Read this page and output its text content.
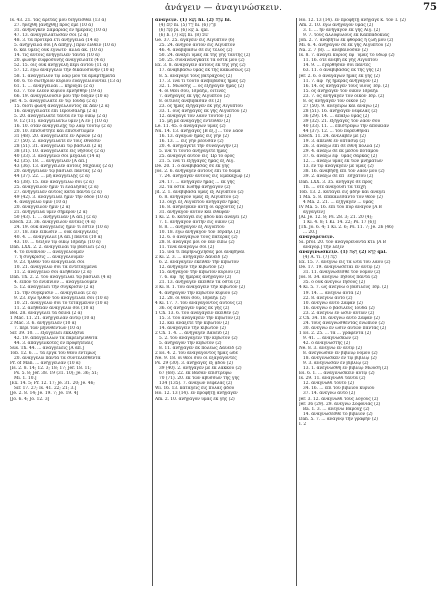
ἀνάγειν — ἀναγινώσκειν.	75
Is. 43. 21. τὰς ἀρετάς μου διηγεῖσθαι (13 α)
27. ἠνέχθη [ἀνήχθη] πρὸς ἐμὲ (10 α)
31. ἀνήνεγκεν Σαμαρίας ἐν ἡμέραις (10 α)
47. 13. ἀναγγειλάτωσαν σοι (2 α)
48. 3. τὰ πρότερα ἔτι ἀνήγγειλα (14 α)
5. ἀνήγγειλά σοι [A ἀπήγγ.] πρὶν ἐλθεῖν (10 α)
6. καὶ ὑμεῖς οὐκ ἔγνωτε· ἀλλὰ ἀκ. (10 α)
14. τίς αὐτοῖς ἀνήγγειλεν ταῦτα (10 α)
20. φωνὴν εὐφροσύνης ἀναγγείλατε (4 α)
52. 15. οἷς οὐκ ἀνηγγέλη περὶ αὐτοῦ (11 α)
57. 12. ἐγὼ ἀναγγελῶ τὴν δικαιοσύνην (10 α)
58. 1. ἀνάγγειλον τῷ λαῷ μου τὰ ἁμαρτήματα
60. 6. τὸ σωτήριον κυρίου εὐαγγελιοῦνται (13 α)
61. 1. ... ἀναγγεῖλαι ... κηρύξαι (2 α)
63. 7. τὸν ἔλεον κυρίου ἐμνήσθην (19 α)
66. 19. ἀναγγελοῦσίν μου τὴν δόξαν (10 α)
Jer. 4. 5. ἀναγγείλατε ἐν τῷ Ἰούδᾳ (2 α)
15. διότι φωνὴ ἀναγγέλλοντος ἐκ Δὰν (2 α)
16. ἀναγγείλατε ἐπὶ Ἱερουσαλὴμ (2 α)
5. 20. ἀναγγείλατε ταῦτα ἐν τῷ οἴκῳ (2 α)
9. 12 (11). ἀναγγειλάτω ὑμῖν [A ἐν ] (10 α)
16. 10. ὅταν ἀναγγείλῃς τῷ λαῷ τούτῳ (2 α)
20. 10. ἐπισύστητε καὶ ἐπισυστῶμεν
31 (48). 20. ἀναγγείλατε ἐν Ἀρνῶν (2 α)
27 (50). 2. ἀναγγείλατε ἐν τοῖς ἔθνεσιν
28 (51). 31. ἀναγγεῖλαι τῷ βασιλεῖ (2 α)
38 (31). 10. ἀναγγείλατε εἰς νήσους (2 α)
40 (33). 3. ἀναγγελῶ σοι μεγάλα (14 α)
42 (35). 18. ... ἀνήγγειλεν [A ἀπ.]
43 (36). 13. ἀνήγγειλεν αὐτοῖς Μιχαίας (2 α)
20. ἀνήγγειλαν τῷ βασιλεῖ πάντας (2 α)
44 (37). 22. ... μὴ ἀναγγείλῃς (2 α)
45 (38). 15. ἐὰν ἀναγγείλω σοι (2 α)
25. ἀνάγγειλον ἡμῖν τί ἐλάλησας (2 α)
27. ἀνήγγειλεν αὐτοῖς κατὰ πάντα (2 α)
49 (42). 3. ἀναγγείλαι ἡμῖν τὴν ὁδὸν (10 α)
4. ἀναγγελῶ ὑμῖν (10 α)
20. ἀνάγγειλον ἡμῖν (2 α)
21. ἀνήγγειλα ὑμῖν σήμερον (2 α)
50 (43). 1. ... ἀνήγγειλαν [A ἀπ.] (2 α)
Ezech. 23. 36. ἀνάγγειλον αὐταῖς (4 α)
24. 19. οὐκ ἀναγγελεῖς ἡμῖν τί ἐστιν (10 α)
37. 18. ἐὰν εἴπωσιν ... οὐκ ἀναγγελεῖς
40. 4. ... ἀνάγγελλε [A ἀπ.] πάντα (10 α)
43. 10. ... δεῖξον τῷ οἴκῳ Ἰσραὴλ (10 α)
Dan. LXX. 2. 2. ἀναγγεῖλαι τῷ βασιλεῖ (2 α)
4. τὸ ἐνύπνιον ... ἀναγγελοῦμεν
7. ἡ σύγκρισις ... ἀναγγελοῦμεν
9. 23. ἦλθον τοῦ ἀναγγεῖλαί σοι
10. 21. ἀναγγελῶ σοι τὰ ἐντεταγμένα
11. 2. ἀναγγελῶ σοι ἀλήθειαν (2 α)
Dan. Th. 2. 2. τοῦ ἀναγγεῖλαι τῷ βασιλεῖ (4 α)
4. εἰπὸν τὸ ἐνύπνιον ... ἀναγγελοῦμεν
5. 12. ἀναγγελεῖ τὴν σύγκρισιν (2 α)
15. τὴν σύγκρισιν ... ἀναγγεῖλαι (2 α)
9. 23. ἐγὼ ἦλθον τοῦ ἀναγγεῖλαί σοι (10 α)
10. 21. ἀναγγελῶ σοι τὸ τεταγμένον (10 α)
11. 2. ἀλήθειαν ἀναγγελῶ σοι (10 α)
Bel. 28. ἀναγγελεῖ τὰ δεινὰ (2 α)
1 Mac. 11. 21. ἀνήγγειλαν αὐτῷ (10 α)
2 Mac. 3. 6. ἀνήγγειλεν (10 α)
7. περὶ τῶν μηνυθέντων (10 α)
Sir. 39. 10. ... ἐξαγγελεῖ ἐκκλησία
42. 19. ἀπαγγέλλων τὰ παρεληλυθότα
44. 3. ἀπαγγελκότες ἐν προφητείαις
Sus. Th. 44. ... ἀναγγελεῖς [A ἀπ.]
Tob. 12. 6. ... τὰ ἔργα τοῦ θεοῦ ἐντίμως
20. ἀναγγελῶ πάντα τὰ συντελεσθέντα
Pr. of Man. ... ἀνήγγειλαν (10 α)
[Is. 2. 8. 14; 12. 3; 18; 17; Jer. 18. 11;
Ps. 5. 8; Jer. 38. 19 (31. 10); Je. 36; 51;
Mi. 1. 10.]
[Ex. 14. 5; Pr. 12. 17; Je. 31. 20; Je. 46;
Sir. 17. 27; Is. 41. 22; 21; 3.]
[Je. 2. 8. 14; Je. 19. 7; Je. 19. 4]
[Jo. 6. 4; Jo. 12. 3]
ἀνάγειν. (1) נָשָׂא hi. (2) עָלָה hi.
(4) קוּם ni. (5) יָרַד hi. (6) פֶּרֶץ
(6) פָּנָה pi. (6) יָצָא a. qal.
(6) b. (7) נָשָׂא hi. (8) שׁוּב
Ge. 37. 25. ἀγαγεῖν εἰς Αἴγυπτον (6)
25. 24. ἀνῆγον αὐτὸν εἰς Αἴγυπτον
46. 4. ἀναβιβάσω σε εἰς τέλος (2)
50. 24. ἀνάξει ὑμᾶς ἐκ τῆς γῆς ταύτης (2)
50. 25. συνανενέγκατε τὰ ὀστᾶ μου (2)
Ex. 3. 8. ἀναγαγεῖν αὐτοὺς ἐκ τῆς γῆς (2)
17. ἀναβιβάσω ὑμᾶς ἐκ τῆς κακώσεως (2)
8. 5. ἀνάγαγε τοὺς βατράχους (2)
17. 3. ἵνα τί τοῦτο ἀνεβίβασας ἡμᾶς (2)
32. 1. Μωυσῆς ... ὃς ἐξήγαγεν ἡμᾶς (2)
4. οἱ θεοί σου, Ἰσραήλ, οἵτινες
7. ἀνήγαγες ἐκ γῆς Αἰγύπτου (2)
8. οἵτινες ἀνεβίβασάν σε (2)
23. ὃς ἡμᾶς ἐξήγαγεν ἐκ γῆς Αἰγύπτου
33. 1. οὓς ἀνήγαγες ἐκ γῆς Αἰγύπτου (2)
12. ἀνάγαγε τὸν λαὸν τοῦτον (2)
15. μή με ἀναγάγῃς ἐντεῦθεν (2)
Le. 11. 45. ὁ ἀναγαγὼν ὑμᾶς (2)
Nu. 14. 13. ἀνήγαγες [B ἐξ.] ... τὸν λαὸν
16. 13. ἀγαγὼν ἡμᾶς εἰς γῆν (2)
16. 13. ... εἰς γῆν ῥέουσαν (2)
20. 4. ἀνηγάγετε τὴν συναγωγὴν (2)
5. ἵνα τί τοῦτο ἀνηγάγετε ἡμᾶς
25. ἀνάγαγε αὐτὸν εἰς Ὢρ τὸ ὄρος
21. 5. ἵνα τί ἐξήγαγες ἡμᾶς ἐξ Αἰγ.
De. 20. 1. ὁ ἀναβιβάσας σε ἐκ γῆς
Jos. 2. 6. ἀνήγαγεν αὐτοὺς ἐπὶ τὸ δῶμα
7. 24. ἀνήγαγεν αὐτοὺς εἰς Ἐμεκαχώρ (2)
24. 17. ... ἀνήγαγεν ἡμᾶς ... ἐκ γῆς
32. τὰ ὀστᾶ Ἰωσὴφ ἀνήγαγον (2)
Jd. 2. 1. ἀνεβίβασα ὑμᾶς ἐξ Αἰγύπτου (2)
6. 8. ἀνήγαγον ὑμᾶς ἐξ Αἰγύπτου (2)
13. οὐχὶ ἐξ Αἰγύπτου ἀνήγαγεν ἡμᾶς
16. 8. ἀνήνεγκαν αὐτῇ οἱ ἄρχοντες (2)
31. ἀνήγαγον αὐτὸν καὶ ἔθαψαν
1 Ki. 2. 6. κατάγει εἰς ᾅδου καὶ ἀνάγει (2)
7. 1. ἀνήγαγον αὐτὴν εἰς οἶκον (2)
8. 8. ... ἀνήγαγον ἐξ Αἰγύπτου
10. 18. ἐγὼ ἀνήγαγον τὸν Ἰσραὴλ (2)
12. 6. ὁ ἀναγαγὼν τοὺς πατέρας (2)
28. 8. ἀνάγαγέ μοι ὃν ἐὰν εἴπω (2)
11. τίνα ἀναγάγω σοι (2)
15. ἵνα τί παρηνώχλησάς μοι ἀναβῆναι
2 Ki. 2. 3. ... ἀνήγαγεν Δαυεὶδ (2)
6. 2. ἀναγαγεῖν ἐκεῖθεν τὴν κιβωτὸν
12. ἀνήγαγεν τὴν κιβωτὸν (2)
15. ἀνήγαγον τὴν κιβωτὸν κυρίου (2)
7. 6. ἀφ᾽ ἧς ἡμέρας ἀνήγαγον (2)
21. 13. ἀνήγαγεν ἐκεῖθεν τὰ ὀστᾶ (2)
3 Ki. 8. 1. τοῦ ἀναγαγεῖν τὴν κιβωτὸν (2)
4. ἀνήγαγον τὴν κιβωτὸν κυρίου (2)
12. 28. οἱ θεοί σου, Ἰσραὴλ (2)
4 Ki. 17. 7. τοῦ ἀναγαγόντος αὐτοὺς (2)
36. ὃς ἀνήγαγεν ὑμᾶς ἐκ γῆς (2)
1 Ch. 13. 6. τοῦ ἀναγαγεῖν ἐκεῖθεν (2)
15. 3. τοῦ ἀναγαγεῖν τὴν κιβωτὸν (2)
12. καὶ ἀνάξετε τὴν κιβωτὸν (2)
14. ἀναγαγεῖν τὴν κιβωτὸν (2)
2 Ch. 1. 4. ... ἀνήγαγεν Δαυεὶδ (2)
5. 2. τοῦ ἀναγαγεῖν τὴν κιβωτὸν (2)
5. ἀνήγαγον τὴν κιβωτὸν (2)
8. 11. ἀνήγαγεν ἐκ πόλεως Δαυεὶδ (2)
2 Es. 4. 2. τοῦ ἀναγαγόντος ἡμᾶς ὧδε
Ne. 9. 18. οἱ θεοί σου οἱ ἐξαγαγόντες
Ps. 29 (30). 3. ἀνήγαγες ἐξ ᾅδου (2)
39 (40). 2. ἀνήγαγέν με ἐκ λάκκου (2)
67 (68). 22. ἐκ Βασὰν ἐπιστρέψω
70 (71). 20. ἐκ τῶν ἀβύσσων τῆς γῆς
134 (135). 7. ἀνάγων νεφέλας (2)
Wi. 16. 13. κατάγεις εἰς πύλας ᾅδου
Ho. 12. 13 (14). ἐν προφήτῃ ἀνήγαγεν
Am. 2. 10. ἀνήγαγον ὑμᾶς ἐκ γῆς (2)
Ho. 12. 13 (14). ἐν προφήτῃ ἀνήγαγε κ. τὸν Ἰ. (2)
Am. 2. 10. ἐγὼ ἀνήγαγον ὑμᾶς (2)
3. 1. ... ἣν ἀνήγαγον ἐκ γῆς Αἰγ. (2)
9. 7. τοὺς ἀλλοφύλους ἐκ Καππαδοκίας
Jon. 2. 7. ἀναβήτω ἐκ φθορᾶς ἡ ζωή μου (2)
Mi. 6. 4. ἀνήγαγόν σε ἐκ γῆς Αἰγύπτου (2)
Na. 2. 7 (8). ... ἀνεβαίνοσαν (2)
Is. 8. 7. ἀνάγει κύριος ἐφ᾽ ὑμᾶς τὸ ὕδωρ (2)
11. 16. ὅτε ἀνέβη ἐκ γῆς Αἰγύπτου
14. 9. ... ἐγερθῆσαν σοι πάντες
63. 11. ὁ ἀναβιβάσας ἐκ τῆς γῆς (2)
Jer. 2. 6. ὁ ἀναγαγὼν ἡμᾶς ἐκ γῆς (2)
11. 7. ἀφ᾽ ἧς ἡμέρας ἀνήγαγον (2)
16. 14. ὃς ἀνήγαγεν τοὺς υἱοὺς Ἰσρ. (2)
15. ὃς ἀνήγαγεν τὸν οἶκον Ἰσραὴλ
23. 7. ὃς ἀνήγαγεν τὸν οἶκον Ἰσρ. (2)
8. ὃς ἀνήγαγεν τὸν οἶκον (2)
27 (50). 9. ἀνεγείρω καὶ ἀνάγω (2)
28 (51). 16. ἀνήγαγεν νεφέλας (2)
36 (29). 14. ... ἀπάξω ὑμᾶς (2)
39 (32). 21. ἐξήγαγες τὸν λαόν σου
40 (33). 11. ... ἐπιστρέψω τὴν ἀποικίαν
44 (37). 12. ... τοῦ πορευθῆναι
Ezech. 11. 24. ἀνέλαβέν με (2)
19. 3. ἀπέλθε ἐν ὀπτασίᾳ (2)
26. 3. ἀνάξω ἐπὶ σὲ ἔθνη πολλὰ (2)
29. 4. ἀνάξω σε ἐκ μέσου ποταμοῦ
37. 6. ἀνάξω ἐφ᾽ ὑμᾶς σάρκας (2)
12. ... ἀνάξω ὑμᾶς ἐκ τῶν μνημάτων
13. ἐν τῷ ἀναγαγεῖν με ὑμᾶς (2)
38. 16. ἀναβήσῃ ἐπὶ τὸν λαόν μου (2)
39. 2. ἀνάξω σε ἐπ᾽ ἐσχάτου (2)
Dan. LXX. 3. 35. ἀνήγαγέ σε πρὸς
Th. ... ὅτε ἀνάγουσι τὰ τείχη
Tob. 13. 2. κατάγει εἰς ᾅδην καὶ ἀνάγει
1 Ma. 5. 8. ἐπεκαλέσαντο τὸν θεὸν (2)
4 Ma. 2. 21. ... ἐξήγαγεν ... ὑμᾶς
IV Ma. 5. 16. ἐπὶ τοῦ πῦρ ἀναγον [A B
ἀγγαγεῖν]
[Al. Je. 12. 8; Ps. 28. 3; 21. 20 (4);
1 Ki. 4. 8; 1 Ki. 14. 22; Ps. 17 (6)]
[Th. Jo. 6. 4; 1 Ki. 2. 6; Ps. 11. 7; Je. 26 (46)
... 20.]
ἀναγορεύειν.
Si. prol. 20. τὸν ἀναγορεύοντα κτλ [A B
ἀναγορ.] τὴν λέξιν
ἀναγινώσκειν. (1) קָרָא (2) רָאָה qal.
(4) A. τί. (7) הָגָה
Ex. 15. 7. ἀνέγνω εἰς τὰ ὦτα τοῦ λαοῦ (2)
De. 17. 19. ἀναγνώσεται ἐν αὐτῷ (2)
31. 11. ἀναγνώσεσθε τὸν νόμον (2)
Jos. 8. 34. ἀνέγνω Ἰησοῦς πάντα (2)
35. ὃ οὐκ ἀνέγνω Ἰησοῦς (2)
4 Ki. 5. 7. ὡς ἀνέγνω ὁ βασιλεὺς Ἰσρ. (2)
19. 14. ... ἀνέγνω αὐτά (2)
22. 8. ἀνέγνω αὐτό (2)
10. ἀνέγνω αὐτὸ Σαφὰν (2)
16. ἀνέγνω ὁ βασιλεὺς Ἰούδα (2)
23. 2. ἀνέγνω ἐν ὠσὶν αὐτῶν (2)
2 Ch. 34. 18. ἀνέγνω αὐτὸ Σαφὰν (2)
24. τοὺς ἀναγνωσθέντας ἐνώπιον (2)
30. ἀνέγνω ἐν ὠσὶν αὐτῶν πάντας (2)
1 Es. 2. 25. ... τὰ ... γραφέντα (2)
9. 41. ... ἀναγνώσκων (2)
42. ὁ ἀναγνώστης (2)
Ne. 8. 3. ἀνέγνω ἐν αὐτῷ (2)
8. ἀνέγνωσαν ἐν βιβλίῳ νόμου (2)
18. ἀνεγίνωσκεν ἐν τῷ βιβλίῳ (2)
9. 3. ἀνέγνωσαν ἐν βιβλίῳ (2)
13. 1. ἀνεγνώσθη ἐν βιβλίῳ Μωυσῆ (2)
Es. 6. 1. ... ἀναγινώσκειν αὐτῷ (2)
Is. 29. 11. ἀνάγνωθι ταῦτα (2)
12. ἀνάγνωθι τοῦτο (2)
34. 16. ... ἐπὶ τοῦ βιβλίου κυρίου
37. 14. ἀνέγνω αὐτὸ (2)
Jer. 3. 12. ἀνάγνωθι τοὺς λόγους (2)
Jer. 36 (29). 29. ἀνέγνω Σοφονίας (2)
Ba. 1. 3. ... ἀνέγνω Βαροὺχ (2)
14. ἀναγνώσεσθε τὸ βιβλίον (2)
Dan. 5. 7. ... ἀναγνῷ τὴν γραφήν (2)
I. 2
